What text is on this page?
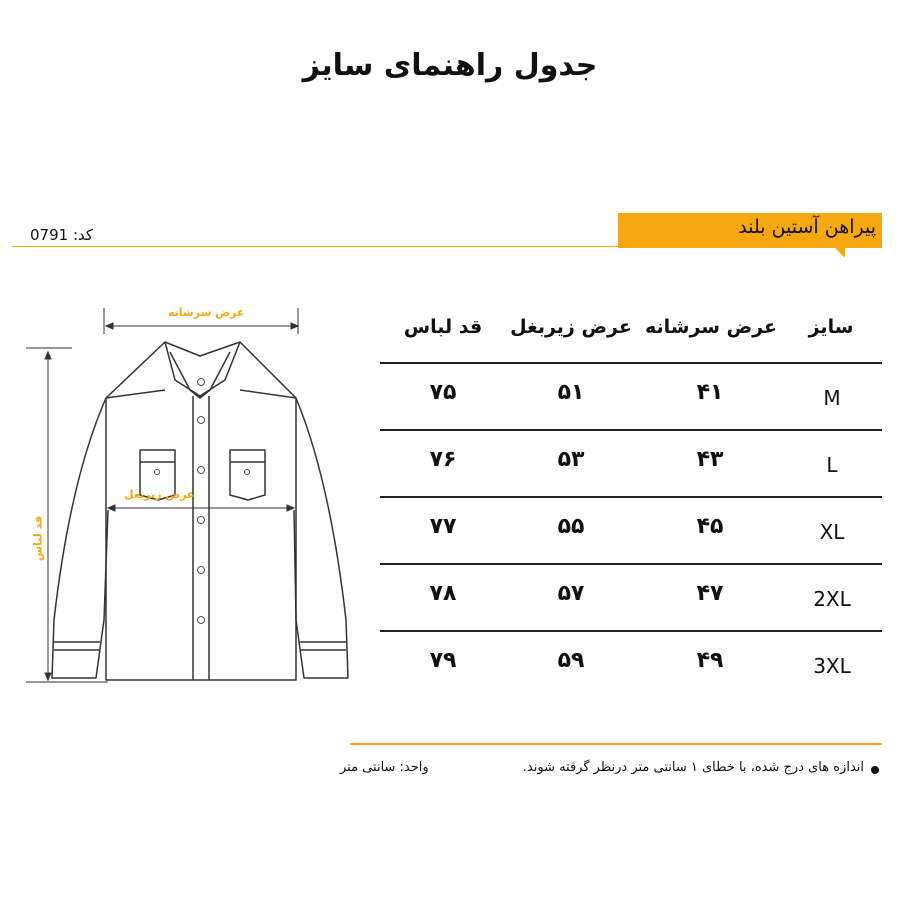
جدول راهنمای سایز
پیراهن آستین بلند
کد: 0791
عرض سرشانه
عرض زیربغل
قد لباس
سایز
عرض سرشانه
عرض زیربغل
قد لباس
M
۴۱
۵۱
۷۵
L
۴۳
۵۳
۷۶
XL
۴۵
۵۵
۷۷
2XL
۴۷
۵۷
۷۸
3XL
۴۹
۵۹
۷۹
اندازه های درج شده، با خطای ۱ سانتی متر درنظر گرفته شوند.
واحد: سانتی متر
